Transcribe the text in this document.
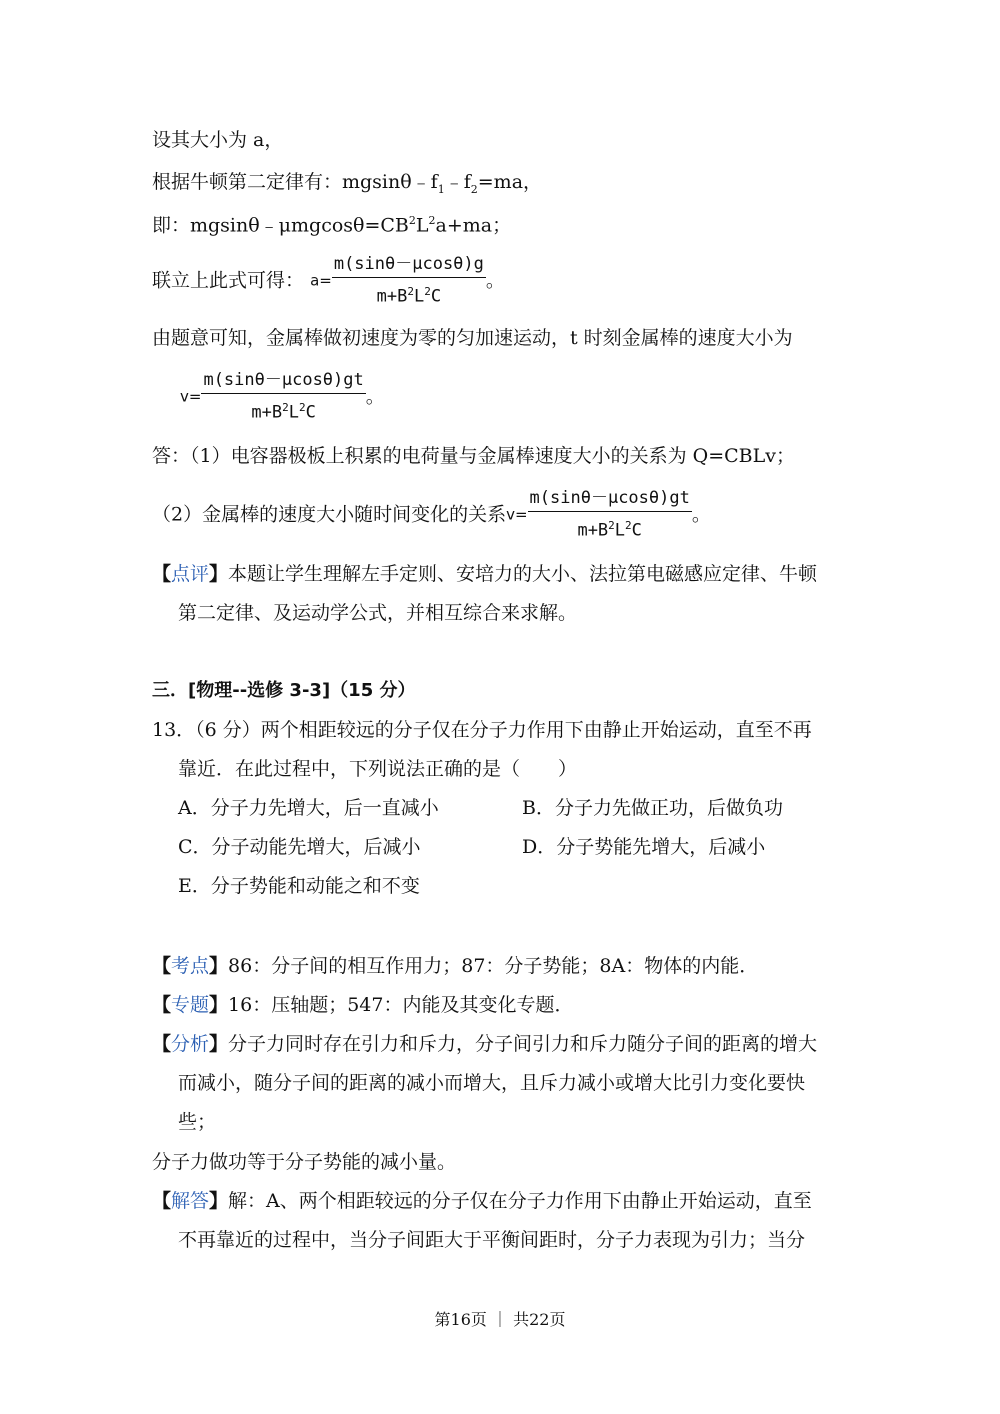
设其大小为 a，
根据牛顿第二定律有：$mgsin\theta﹣f_1﹣f_2=ma$，
即：$mgsin\theta﹣\mu mgcos\theta=CB^2L^2a+ma$；
联立上此式可得： $a= \frac{m(\sin\theta-\mu\cos\theta)g}{m+B^2L^2C}$ 。
由题意可知，金属棒做初速度为零的匀加速运动，t 时刻金属棒的速度大小为
$v= \frac{m(\sin\theta-\mu\cos\theta)gt}{m+B^2L^2C}$ 。
答：（1）电容器极板上积累的电荷量与金属棒速度大小的关系为 Q=CBLv；
（2）金属棒的速度大小随时间变化的关系$v= \frac{m(\sin\theta-\mu\cos\theta)gt}{m+B^2L^2C}$ 。
【点评】本题让学生理解左手定则、安培力的大小、法拉第电磁感应定律、牛顿
第二定律、及运动学公式，并相互综合来求解。
三．[物理--选修 3-3]（15 分）
13．（6 分）两个相距较远的分子仅在分子力作用下由静止开始运动，直至不再
靠近．在此过程中，下列说法正确的是（　　）
A．分子力先增大，后一直减小	B．分子力先做正功，后做负功
C．分子动能先增大，后减小	D．分子势能先增大，后减小
E．分子势能和动能之和不变
【考点】86：分子间的相互作用力；87：分子势能；8A：物体的内能．
【专题】16：压轴题；547：内能及其变化专题．
【分析】分子力同时存在引力和斥力，分子间引力和斥力随分子间的距离的增大
而减小，随分子间的距离的减小而增大，且斥力减小或增大比引力变化要快
些；
分子力做功等于分子势能的减小量。
【解答】解：A、两个相距较远的分子仅在分子力作用下由静止开始运动，直至
不再靠近的过程中，当分子间距大于平衡间距时，分子力表现为引力；当分
第16页 ｜ 共22页
